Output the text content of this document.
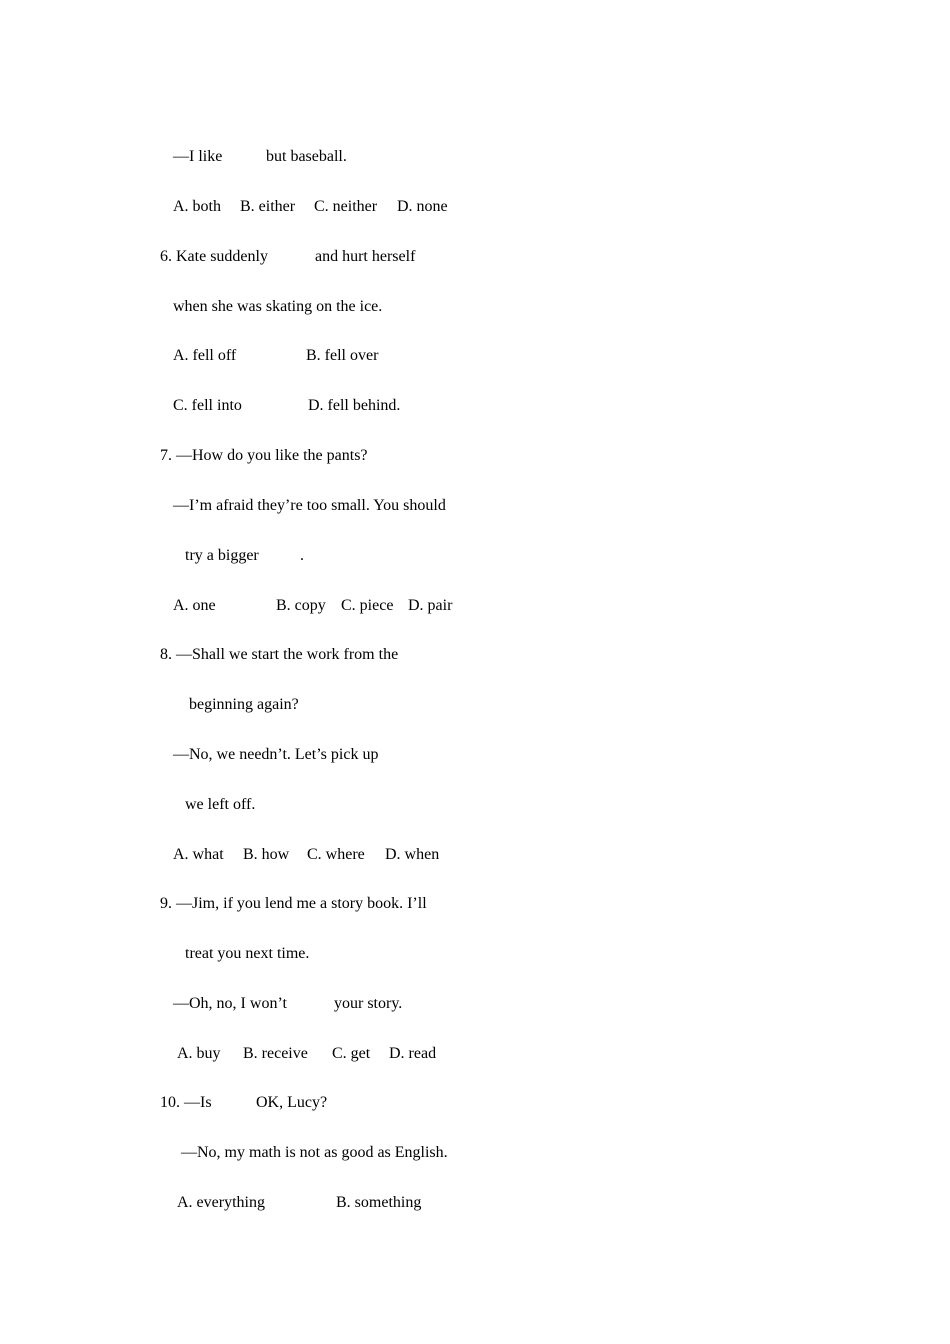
—I like
	but baseball.

A. both
	B. either
	C. neither
	D. none

6. Kate suddenly
	and hurt herself

when she was skating on the ice.

A. fell off
	B. fell over

C. fell into
	D. fell behind.

7. —How do you like the pants?

—I’m afraid they’re too small. You should

try a bigger
	.

A. one
	B. copy
C. piece
D. pair

8. —Shall we start the work from the

beginning again?

—No, we needn’t. Let’s pick up

we left off.

A. what
	B. how
	C. where
	D. when

9. —Jim, if you lend me a story book. I’ll

treat you next time.

—Oh, no, I won’t
	your story.

A. buy
	B. receive
	C. get
	D. read

10. —Is
	OK, Lucy?

—No, my math is not as good as English.

A. everything
	B. something
